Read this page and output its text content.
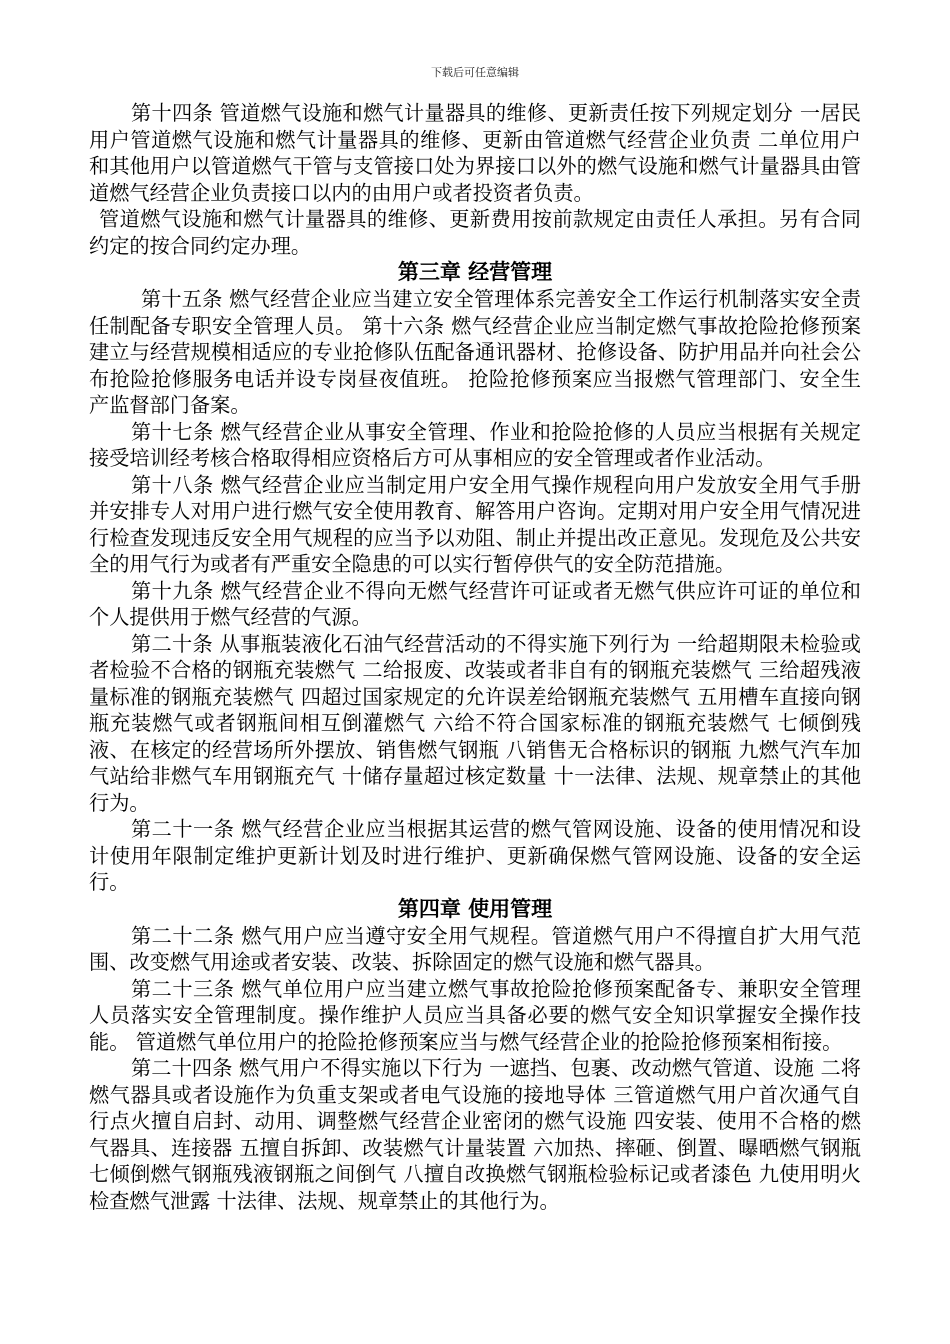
下载后可任意编辑

第十四条 管道燃气设施和燃气计量器具的维修、更新责任按下列规定划分 一居民用户管道燃气设施和燃气计量器具的维修、更新由管道燃气经营企业负责 二单位用户和其他用户以管道燃气干管与支管接口处为界接口以外的燃气设施和燃气计量器具由管道燃气经营企业负责接口以内的由用户或者投资者负责。

管道燃气设施和燃气计量器具的维修、更新费用按前款规定由责任人承担。另有合同约定的按合同约定办理。

第三章 经营管理

第十五条 燃气经营企业应当建立安全管理体系完善安全工作运行机制落实安全责任制配备专职安全管理人员。 第十六条 燃气经营企业应当制定燃气事故抢险抢修预案建立与经营规模相适应的专业抢修队伍配备通讯器材、抢修设备、防护用品并向社会公布抢险抢修服务电话并设专岗昼夜值班。 抢险抢修预案应当报燃气管理部门、安全生产监督部门备案。

第十七条 燃气经营企业从事安全管理、作业和抢险抢修的人员应当根据有关规定接受培训经考核合格取得相应资格后方可从事相应的安全管理或者作业活动。

第十八条 燃气经营企业应当制定用户安全用气操作规程向用户发放安全用气手册并安排专人对用户进行燃气安全使用教育、解答用户咨询。定期对用户安全用气情况进行检查发现违反安全用气规程的应当予以劝阻、制止并提出改正意见。发现危及公共安全的用气行为或者有严重安全隐患的可以实行暂停供气的安全防范措施。

第十九条 燃气经营企业不得向无燃气经营许可证或者无燃气供应许可证的单位和个人提供用于燃气经营的气源。

第二十条 从事瓶装液化石油气经营活动的不得实施下列行为 一给超期限未检验或者检验不合格的钢瓶充装燃气 二给报废、改装或者非自有的钢瓶充装燃气 三给超残液量标准的钢瓶充装燃气 四超过国家规定的允许误差给钢瓶充装燃气 五用槽车直接向钢瓶充装燃气或者钢瓶间相互倒灌燃气 六给不符合国家标准的钢瓶充装燃气 七倾倒残液、在核定的经营场所外摆放、销售燃气钢瓶 八销售无合格标识的钢瓶 九燃气汽车加气站给非燃气车用钢瓶充气 十储存量超过核定数量 十一法律、法规、规章禁止的其他行为。

第二十一条 燃气经营企业应当根据其运营的燃气管网设施、设备的使用情况和设计使用年限制定维护更新计划及时进行维护、更新确保燃气管网设施、设备的安全运行。

第四章 使用管理

第二十二条 燃气用户应当遵守安全用气规程。管道燃气用户不得擅自扩大用气范围、改变燃气用途或者安装、改装、拆除固定的燃气设施和燃气器具。

第二十三条 燃气单位用户应当建立燃气事故抢险抢修预案配备专、兼职安全管理人员落实安全管理制度。操作维护人员应当具备必要的燃气安全知识掌握安全操作技能。 管道燃气单位用户的抢险抢修预案应当与燃气经营企业的抢险抢修预案相衔接。

第二十四条 燃气用户不得实施以下行为 一遮挡、包裹、改动燃气管道、设施 二将燃气器具或者设施作为负重支架或者电气设施的接地导体 三管道燃气用户首次通气自行点火擅自启封、动用、调整燃气经营企业密闭的燃气设施 四安装、使用不合格的燃气器具、连接器 五擅自拆卸、改装燃气计量装置 六加热、摔砸、倒置、曝晒燃气钢瓶 七倾倒燃气钢瓶残液钢瓶之间倒气 八擅自改换燃气钢瓶检验标记或者漆色 九使用明火检查燃气泄露 十法律、法规、规章禁止的其他行为。
